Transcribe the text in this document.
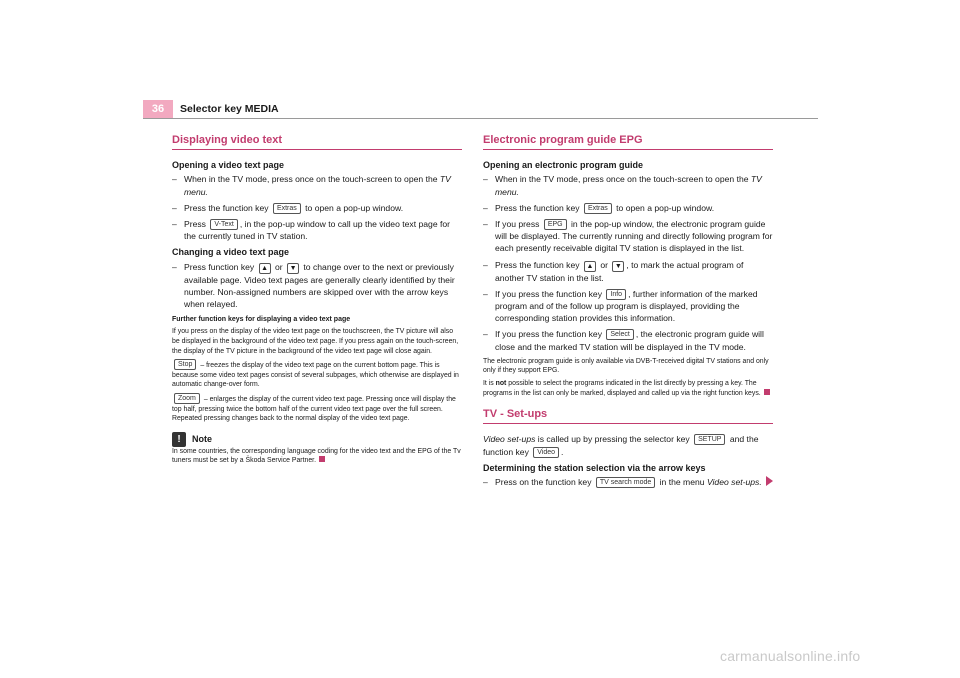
36	Selector key MEDIA
Displaying video text
Opening a video text page
– When in the TV mode, press once on the touch-screen to open the TV menu.
– Press the function key Extras to open a pop-up window.
– Press V-Text , in the pop-up window to call up the video text page for the currently tuned in TV station.
Changing a video text page
– Press function key ▲ or ▼ to change over to the next or previously available page. Video text pages are generally clearly identified by their number. Non-assigned numbers are skipped over with the arrow keys when relayed.
Further function keys for displaying a video text page

If you press on the display of the video text page on the touchscreen, the TV picture will also be displayed in the background of the video text page. If you press again on the touch-screen, the display of the TV picture in the background of the video text page will close again.

Stop – freezes the display of the video text page on the current bottom page. This is because some video text pages consist of several subpages, which otherwise are displayed in automatic change-over form.

Zoom – enlarges the display of the current video text page. Pressing once will display the top half, pressing twice the bottom half of the current video text page over the full screen. Repeated pressing changes back to the normal display of the video text page.

!	Note

In some countries, the corresponding language coding for the video text and the EPG of the Tv tuners must be set by a Škoda Service Partner.

Electronic program guide EPG
Opening an electronic program guide
– When in the TV mode, press once on the touch-screen to open the TV menu.
– Press the function key Extras to open a pop-up window.
– If you press EPG in the pop-up window, the electronic program guide will be displayed. The currently running and directly following program for each presently receivable digital TV station is displayed in the list.
– Press the function key ▲ or ▼ , to mark the actual program of another TV station in the list.
– If you press the function key Info , further information of the marked program and of the follow up program is displayed, providing the corresponding station provides this information.
– If you press the function key Select , the electronic program guide will close and the marked TV station will be displayed in the TV mode.

The electronic program guide is only available via DVB-T-received digital TV stations and only only if they support EPG.

It is not possible to select the programs indicated in the list directly by pressing a key. The programs in the list can only be marked, displayed and called up via the right function keys.

TV - Set-ups

Video set-ups is called up by pressing the selector key SETUP and the function key Video .

Determining the station selection via the arrow keys
– Press on the function key TV search mode in the menu Video set-ups.
carmanualsonline.info
